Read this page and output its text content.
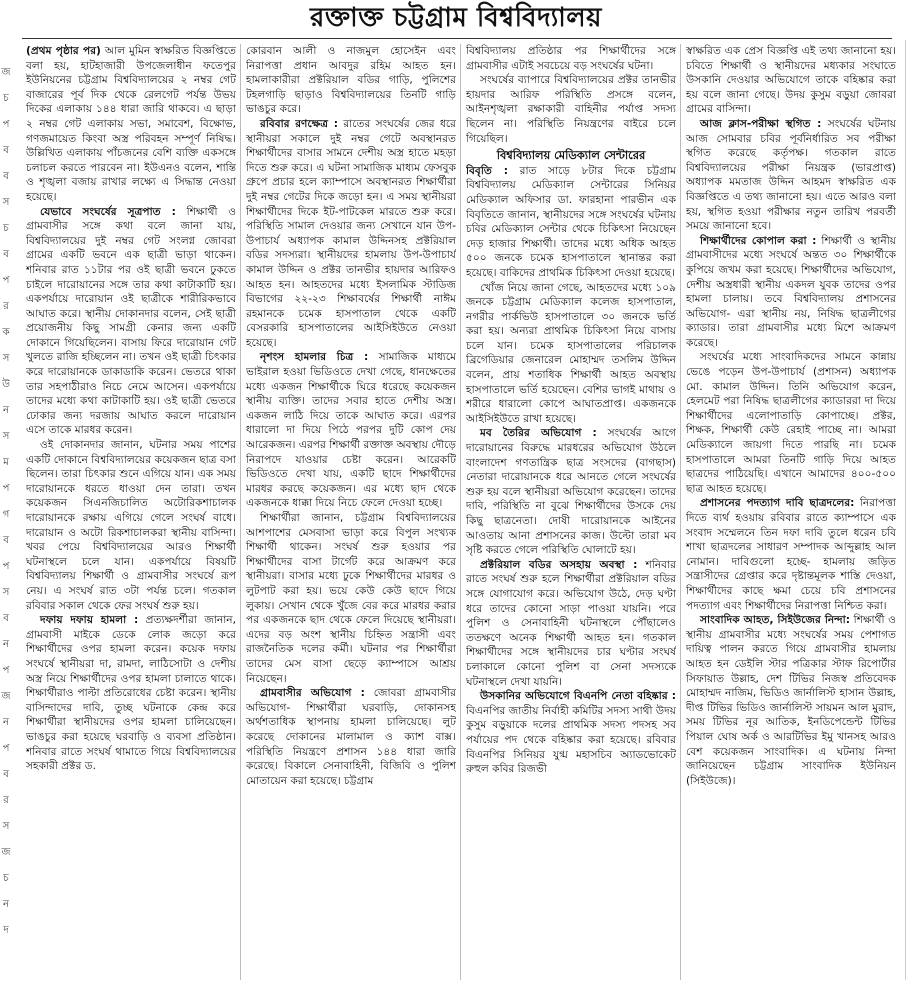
রক্তাক্ত চট্টগ্রাম বিশ্ববিদ্যালয়
জ
চ
প
ব
ব
স
চ
ব
প
র
ক
স
উ
ন
স
ম
প
গ
ব
প
স
ব
ন
প
জ
ন
প
ব
র
স
জ
চ
ন
দ

(প্রথম পৃষ্ঠার পর) আল মুমিন স্বাক্ষরিত বিজ্ঞপ্তিতে বলা হয়, হাটহাজারী উপজেলাধীন ফতেপুর ইউনিয়নের চট্টগ্রাম বিশ্ববিদ্যালয়ের ২ নম্বর গেট বাজারের পূর্ব দিক থেকে রেলগেট পর্যন্ত উভয় দিকের এলাকায় ১৪৪ ধারা জারি থাকবে। এ ছাড়া ২ নম্বর গেট এলাকায় সভা, সমাবেশ, বিক্ষোভ, গণজমায়েত কিংবা অস্ত্র পরিবহন সম্পূর্ণ নিষিদ্ধ। উল্লিখিত এলাকায় পাঁচজনের বেশি ব্যক্তি একসঙ্গে চলাচল করতে পারবেন না। ইউএনও বলেন, শান্তি ও শৃঙ্খলা বজায় রাখার লক্ষ্যে এ সিদ্ধান্ত নেওয়া হয়েছে।

যেভাবে সংঘর্ষের সূত্রপাত : শিক্ষার্থী ও গ্রামবাসীর সঙ্গে কথা বলে জানা যায়, বিশ্ববিদ্যালয়ের দুই নম্বর গেট সংলগ্ন জোবরা গ্রামের একটি ভবনে এক ছাত্রী ভাড়া থাকেন। শনিবার রাত ১১টার পর ওই ছাত্রী ভবনে ঢুকতে চাইলে দারোয়ানের সঙ্গে তার কথা কাটাকাটি হয়। একপর্যায়ে দারোয়ান ওই ছাত্রীকে শারীরিকভাবে আঘাত করে। স্থানীয় দোকানদার বলেন, সেই ছাত্রী প্রয়োজনীয় কিছু সামগ্রী কেনার জন্য একটি দোকানে গিয়েছিলেন। বাসায় ফিরে দারোয়ান গেট খুলতে রাজি হচ্ছিলেন না। তখন ওই ছাত্রী চিৎকার করে দারোয়ানকে ডাকাডাকি করেন। ভেতরে থাকা তার সহপাঠীরাও নিচে নেমে আসেন। একপর্যায়ে তাদের মধ্যে কথা কাটাকাটি হয়। ওই ছাত্রী ভেতরে ঢোকার জন্য দরজায় আঘাত করলে দারোয়ান এসে তাকে মারধর করেন।

ওই দোকানদার জানান, ঘটনার সময় পাশের একটি দোকানে বিশ্ববিদ্যালয়ের কয়েকজন ছাত্র বসা ছিলেন। তারা চিৎকার শুনে এগিয়ে যান। এক সময় দারোয়ানকে ধরতে ধাওয়া দেন তারা। তখন কয়েকজন সিএনজিচালিত অটোরিকশাচালক দারোয়ানকে রক্ষায় এগিয়ে গেলে সংঘর্ষ বাধে। দারোয়ান ও অটো রিকশাচালকরা স্থানীয় বাসিন্দা। খবর পেয়ে বিশ্ববিদ্যালয়ের আরও শিক্ষার্থী ঘটনাস্থলে চলে যান। একপর্যায়ে বিষয়টি বিশ্ববিদ্যালয় শিক্ষার্থী ও গ্রামবাসীর সংঘর্ষে রূপ নেয়। এ সংঘর্ষ রাত ৩টা পর্যন্ত চলে। গতকাল রবিবার সকাল থেকে ফের সংঘর্ষ শুরু হয়।

দফায় দফায় হামলা : প্রত্যক্ষদর্শীরা জানান, গ্রামবাসী মাইকে ডেকে লোক জড়ো করে শিক্ষার্থীদের ওপর হামলা করেন। কয়েক দফায় সংঘর্ষে স্থানীয়রা দা, রামদা, লাঠিসোটা ও দেশীয় অস্ত্র নিয়ে শিক্ষার্থীদের ওপর হামলা চালাতে থাকে। শিক্ষার্থীরাও পাল্টা প্রতিরোধের চেষ্টা করেন। স্থানীয় বাসিন্দাদের দাবি, তুচ্ছ ঘটনাকে কেন্দ্র করে শিক্ষার্থীরা স্থানীয়দের ওপর হামলা চালিয়েছেন। ভাঙচুর করা হয়েছে ঘরবাড়ি ও ব্যবসা প্রতিষ্ঠান। শনিবার রাতে সংঘর্ষ থামাতে গিয়ে বিশ্ববিদ্যালয়ের সহকারী প্রক্টর ড.

কোরবান আলী ও নাজমুল হোসেইন এবং নিরাপত্তা প্রধান আবদুর রহিম আহত হন। হামলাকারীরা প্রক্টরিয়াল বডির গাড়ি, পুলিশের টহলগাড়ি ছাড়াও বিশ্ববিদ্যালয়ের তিনটি গাড়ি ভাঙচুর করে।

রবিবার রণক্ষেত্র : রাতের সংঘর্ষের জের ধরে স্থানীয়রা সকালে দুই নম্বর গেটে অবস্থানরত শিক্ষার্থীদের বাসার সামনে দেশীয় অস্ত্র হাতে মহড়া দিতে শুরু করে। এ ঘটনা সামাজিক মাধ্যম ফেসবুক গ্রুপে প্রচার হলে ক্যাম্পাসে অবস্থানরত শিক্ষার্থীরা দুই নম্বর গেটের দিকে জড়ো হন। এ সময় স্থানীয়রা শিক্ষার্থীদের দিকে ইট-পাটকেল মারতে শুরু করে। পরিস্থিতি সামাল দেওয়ার জন্য সেখানে যান উপ-উপাচার্য অধ্যাপক কামাল উদ্দিনসহ প্রক্টরিয়াল বডির সদস্যরা। স্থানীয়দের হামলায় উপ-উপাচার্য কামাল উদ্দিন ও প্রক্টর তানভীর হায়দার আরিফও আহত হন। আহতদের মধ্যে ইসলামিক স্টাডিজ বিভাগের ২২-২৩ শিক্ষাবর্ষের শিক্ষার্থী নাঈম রহমানকে চমেক হাসপাতাল থেকে একটি বেসরকারি হাসপাতালের আইসিইউতে নেওয়া হয়েছে।

নৃশংস হামলার চিত্র : সামাজিক মাধ্যমে ভাইরাল হওয়া ভিডিওতে দেখা গেছে, ধানক্ষেতের মধ্যে একজন শিক্ষার্থীকে ঘিরে ধরেছে কয়েকজন স্থানীয় ব্যক্তি। তাদের সবার হাতে দেশীয় অস্ত্র। একজন লাঠি দিয়ে তাকে আঘাত করে। এরপর ধারালো দা দিয়ে পিঠে পরপর দুটি কোপ দেয় আরেকজন। এরপর শিক্ষার্থী রক্তাক্ত অবস্থায় দৌড়ে নিরাপদে যাওয়ার চেষ্টা করেন। আরেকটি ভিডিওতে দেখা যায়, একটি ছাদে শিক্ষার্থীদের মারধর করছে কয়েকজন। এর মধ্যে ছাদ থেকে একজনকে ধাক্কা দিয়ে নিচে ফেলে দেওয়া হচ্ছে।

শিক্ষার্থীরা জানান, চট্টগ্রাম বিশ্ববিদ্যালয়ের আশপাশের মেসবাসা ভাড়া করে বিপুল সংখ্যক শিক্ষার্থী থাকেন। সংঘর্ষ শুরু হওয়ার পর শিক্ষার্থীদের বাসা টার্গেট করে আক্রমণ করে স্থানীয়রা। বাসার মধ্যে ঢুকে শিক্ষার্থীদের মারধর ও লুটপাট করা হয়। ভয়ে কেউ কেউ ছাদে গিয়ে লুকায়। সেখান থেকে খুঁজে বের করে মারধর করার পর একজনকে ছাদ থেকে ফেলে দিয়েছে স্থানীয়রা। এদের বড় অংশ স্থানীয় চিহ্নিত সন্ত্রাসী এবং রাজনৈতিক দলের কর্মী। ঘটনার পর শিক্ষার্থীরা তাদের মেস বাসা ছেড়ে ক্যাম্পাসে আশ্রয় নিয়েছেন।

গ্রামবাসীর অভিযোগ : জোবরা গ্রামবাসীর অভিযোগ- শিক্ষার্থীরা ঘরবাড়ি, দোকানসহ অর্থশতাধিক স্থাপনায় হামলা চালিয়েছে। লুট করেছে দোকানের মালামাল ও ক্যাশ বাক্স। পরিস্থিতি নিয়ন্ত্রণে প্রশাসন ১৪৪ ধারা জারি করেছে। বিকালে সেনাবাহিনী, বিজিবি ও পুলিশ মোতায়েন করা হয়েছে। চট্টগ্রাম

বিশ্ববিদ্যালয় প্রতিষ্ঠার পর শিক্ষার্থীদের সঙ্গে গ্রামবাসীর এটাই সবচেয়ে বড় সংঘর্ষের ঘটনা।

সংঘর্ষের ব্যাপারে বিশ্ববিদ্যালয়ের প্রক্টর তানভীর হায়দার আরিফ পরিস্থিতি প্রসঙ্গে বলেন, আইনশৃঙ্খলা রক্ষাকারী বাহিনীর পর্যাপ্ত সদস্য ছিলেন না। পরিস্থিতি নিয়ন্ত্রণের বাইরে চলে গিয়েছিল।

বিশ্ববিদ্যালয় মেডিক্যাল সেন্টারের

বিবৃতি : রাত সাড়ে ৮টার দিকে চট্টগ্রাম বিশ্ববিদ্যালয় মেডিক্যাল সেন্টারের সিনিয়র মেডিক্যাল অফিসার ডা. ফারহানা পারভীন এক বিবৃতিতে জানান, স্থানীয়দের সঙ্গে সংঘর্ষের ঘটনায় চবির মেডিক্যাল সেন্টার থেকে চিকিৎসা নিয়েছেন দেড় হাজার শিক্ষার্থী। তাদের মধ্যে অধিক আহত ৫০০ জনকে চমেক হাসপাতালে স্থানান্তর করা হয়েছে। বাকিদের প্রাথমিক চিকিৎসা দেওয়া হয়েছে।

খোঁজ নিয়ে জানা গেছে, আহতদের মধ্যে ১০৯ জনকে চট্টগ্রাম মেডিক্যাল কলেজ হাসপাতাল, নগরীর পার্কভিউ হাসপাতালে ৩০ জনকে ভর্তি করা হয়। অন্যরা প্রাথমিক চিকিৎসা নিয়ে বাসায় চলে যান। চমেক হাসপাতালের পরিচালক ব্রিগেডিয়ার জেনারেল মোহাম্মদ তসলিম উদ্দিন বলেন, প্রায় শতাধিক শিক্ষার্থী আহত অবস্থায় হাসপাতালে ভর্তি হয়েছেন। বেশির ভাগই মাথায় ও শরীরে ধারালো কোপে আঘাতপ্রাপ্ত। একজনকে আইসিইউতে রাখা হয়েছে।

মব তৈরির অভিযোগ : সংঘর্ষের আগে দারোয়ানের বিরুদ্ধে মারধরের অভিযোগ উঠলে বাংলাদেশ গণতান্ত্রিক ছাত্র সংসদের (বাগছাস) নেতারা দারোয়ানকে ধরে আনতে গেলে সংঘর্ষের শুরু হয় বলে স্থানীয়রা অভিযোগ করেছেন। তাদের দাবি, পরিস্থিতি না বুঝে শিক্ষার্থীদের উসকে দেয় কিছু ছাত্রনেতা। দোষী দারোয়ানকে আইনের আওতায় আনা প্রশাসনের কাজ। উল্টো তারা মব সৃষ্টি করতে গেলে পরিস্থিতি ঘোলাটে হয়।

প্রক্টরিয়াল বডির অসহায় অবস্থা : শনিবার রাতে সংঘর্ষ শুরু হলে শিক্ষার্থীরা প্রক্টরিয়াল বডির সঙ্গে যোগাযোগ করে। অভিযোগ উঠে, দেড় ঘণ্টা ধরে তাদের কোনো সাড়া পাওয়া যায়নি। পরে পুলিশ ও সেনাবাহিনী ঘটনাস্থলে পৌঁছালেও ততক্ষণে অনেক শিক্ষার্থী আহত হন। গতকাল শিক্ষার্থীদের সঙ্গে স্থানীয়দের চার ঘণ্টার সংঘর্ষ চলাকালে কোনো পুলিশ বা সেনা সদস্যকে ঘটনাস্থলে দেখা যায়নি।

উসকানির অভিযোগে বিএনপি নেতা বহিষ্কার : বিএনপির জাতীয় নির্বাহী কমিটির সদস্য সাথী উদয় কুসুম বড়ুয়াকে দলের প্রাথমিক সদস্য পদসহ সব পর্যায়ের পদ থেকে বহিষ্কার করা হয়েছে। রবিবার বিএনপির সিনিয়র যুগ্ম মহাসচিব অ্যাডভোকেট রুহুল কবির রিজভী

স্বাক্ষরিত এক প্রেস বিজ্ঞপ্তি এই তথ্য জানানো হয়। চবিতে শিক্ষার্থী ও স্থানীয়দের মধ্যকার সংঘাতে উসকানি দেওয়ার অভিযোগে তাকে বহিষ্কার করা হয় বলে জানা গেছে। উদয় কুসুম বড়ুয়া জোবরা গ্রামের বাসিন্দা।

আজ ক্লাস-পরীক্ষা স্থগিত : সংঘর্ষের ঘটনায় আজ সোমবার চবির পূর্বনির্ধারিত সব পরীক্ষা স্থগিত করেছে কর্তৃপক্ষ। গতকাল রাতে বিশ্ববিদ্যালয়ের পরীক্ষা নিয়ন্ত্রক (ভারপ্রাপ্ত) অধ্যাপক মমতাজ উদ্দিন আহমদ স্বাক্ষরিত এক বিজ্ঞপ্তিতে এ তথ্য জানানো হয়। এতে আরও বলা হয়, স্থগিত হওয়া পরীক্ষার নতুন তারিখ পরবর্তী সময়ে জানানো হবে।

শিক্ষার্থীদের কোপাল করা : শিক্ষার্থী ও স্থানীয় গ্রামবাসীদের মধ্যে সংঘর্ষে অন্তত ৩০ শিক্ষার্থীকে কুপিয়ে জখম করা হয়েছে। শিক্ষার্থীদের অভিযোগ, দেশীয় অস্ত্রধারী স্থানীয় একদল যুবক তাদের ওপর হামলা চালায়। তবে বিশ্ববিদ্যালয় প্রশাসনের অভিযোগ- এরা স্থানীয় নয়, নিষিদ্ধ ছাত্রলীগের ক্যাডার। তারা গ্রামবাসীর মধ্যে মিশে আক্রমণ করেছে।

সংঘর্ষের মধ্যে সাংবাদিকদের সামনে কান্নায় ভেঙে পড়েন উপ-উপাচার্য (প্রশাসন) অধ্যাপক মো. কামাল উদ্দিন। তিনি অভিযোগ করেন, হেলমেট পরা নিষিদ্ধ ছাত্রলীগের ক্যাডাররা দা দিয়ে শিক্ষার্থীদের এলোপাতাড়ি কোপাচ্ছে। প্রক্টর, শিক্ষক, শিক্ষার্থী কেউ রেহাই পাচ্ছে না। আমরা মেডিক্যালে জায়গা দিতে পারছি না। চমেক হাসপাতালে আমরা তিনটি গাড়ি দিয়ে আহত ছাত্রদের পাঠিয়েছি। এখানে আমাদের ৪০০-৫০০ ছাত্র আহত হয়েছে।

প্রশাসনের পদত্যাগ দাবি ছাত্রদলের: নিরাপত্তা দিতে ব্যর্থ হওয়ায় রবিবার রাতে ক্যাম্পাসে এক সংবাদ সম্মেলনে তিন দফা দাবি তুলে ধরেন চবি শাখা ছাত্রদলের সাধারণ সম্পাদক আব্দুল্লাহ আল নোমান। দাবিগুলো হচ্ছে- হামলায় জড়িত সন্ত্রাসীদের গ্রেপ্তার করে দৃষ্টান্তমূলক শাস্তি দেওয়া, শিক্ষার্থীদের কাছে ক্ষমা চেয়ে চবি প্রশাসনের পদত্যাগ এবং শিক্ষার্থীদের নিরাপত্তা নিশ্চিত করা।

সাংবাদিক আহত, সিইউজের নিন্দা: শিক্ষার্থী ও স্থানীয় গ্রামবাসীর মধ্যে সংঘর্ষের সময় পেশাগত দায়িত্ব পালন করতে গিয়ে গ্রামবাসীর হামলায় আহত হন ডেইলি স্টার পত্রিকার স্টাফ রিপোর্টার সিফায়াত উল্লাহ, দেশ টিভির নিজস্ব প্রতিবেদক মোহাম্মদ নাজিম, ভিডিও জার্নালিস্ট হাসান উল্লাহ, দীপ্ত টিভির ভিডিও জার্নালিস্ট সায়মন আল মুরাদ, সময় টিভির নূর আতিক, ইনডিপেন্ডেন্ট টিভির পিয়াল ঘোষ অর্ক ও আরটিভির ইমু খানসহ আরও বেশ কয়েকজন সাংবাদিক। এ ঘটনায় নিন্দা জানিয়েছেন চট্টগ্রাম সাংবাদিক ইউনিয়ন (সিইউজে)।
